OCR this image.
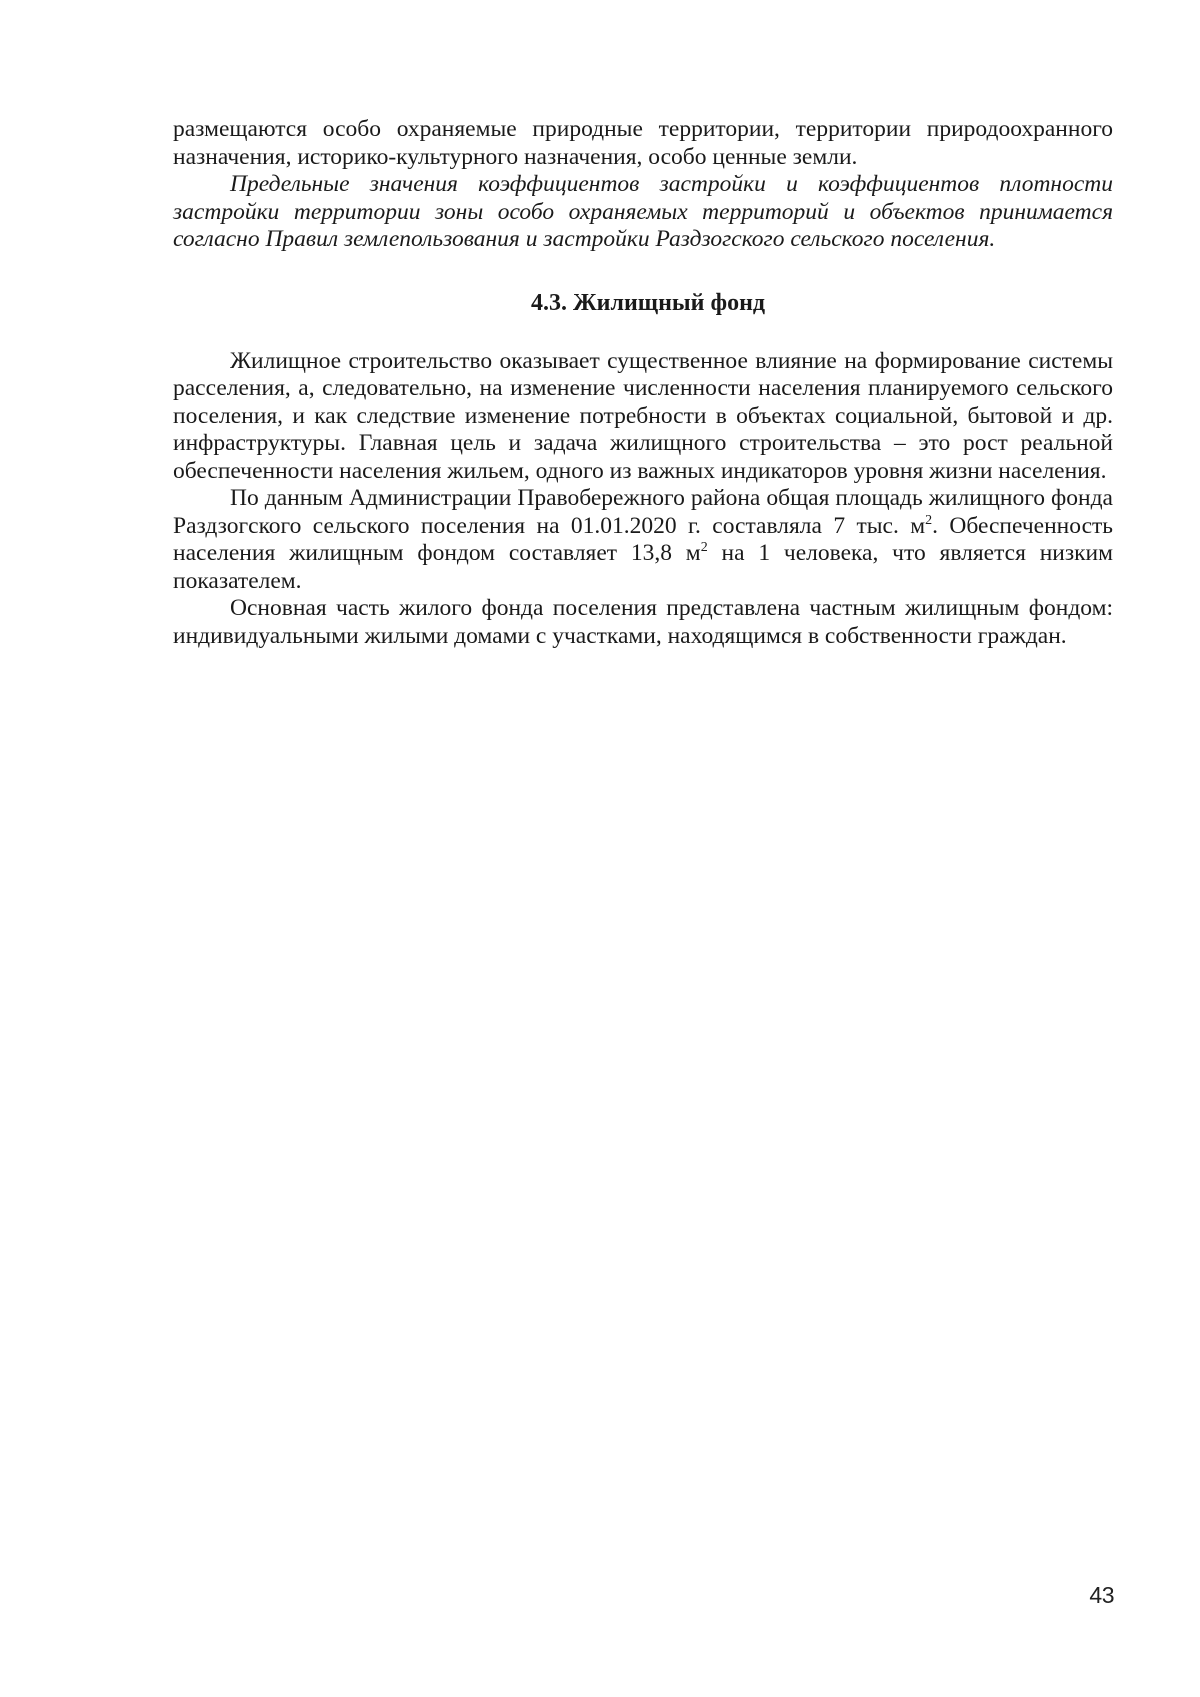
размещаются особо охраняемые природные территории, территории природоохранного назначения, историко-культурного назначения, особо ценные земли.

Предельные значения коэффициентов застройки и коэффициентов плотности застройки территории зоны особо охраняемых территорий и объектов принимается согласно Правил землепользования и застройки Раздзогского сельского поселения.

4.3. Жилищный фонд

Жилищное строительство оказывает существенное влияние на формирование системы расселения, а, следовательно, на изменение численности населения планируемого сельского поселения, и как следствие изменение потребности в объектах социальной, бытовой и др. инфраструктуры. Главная цель и задача жилищного строительства – это рост реальной обеспеченности населения жильем, одного из важных индикаторов уровня жизни населения.

По данным Администрации Правобережного района общая площадь жилищного фонда Раздзогского сельского поселения на 01.01.2020 г. составляла 7 тыс. $м^2$. Обеспеченность населения жилищным фондом составляет 13,8 $м^2$ на 1 человека, что является низким показателем.

Основная часть жилого фонда поселения представлена частным жилищным фондом: индивидуальными жилыми домами с участками, находящимся в собственности граждан.

43
